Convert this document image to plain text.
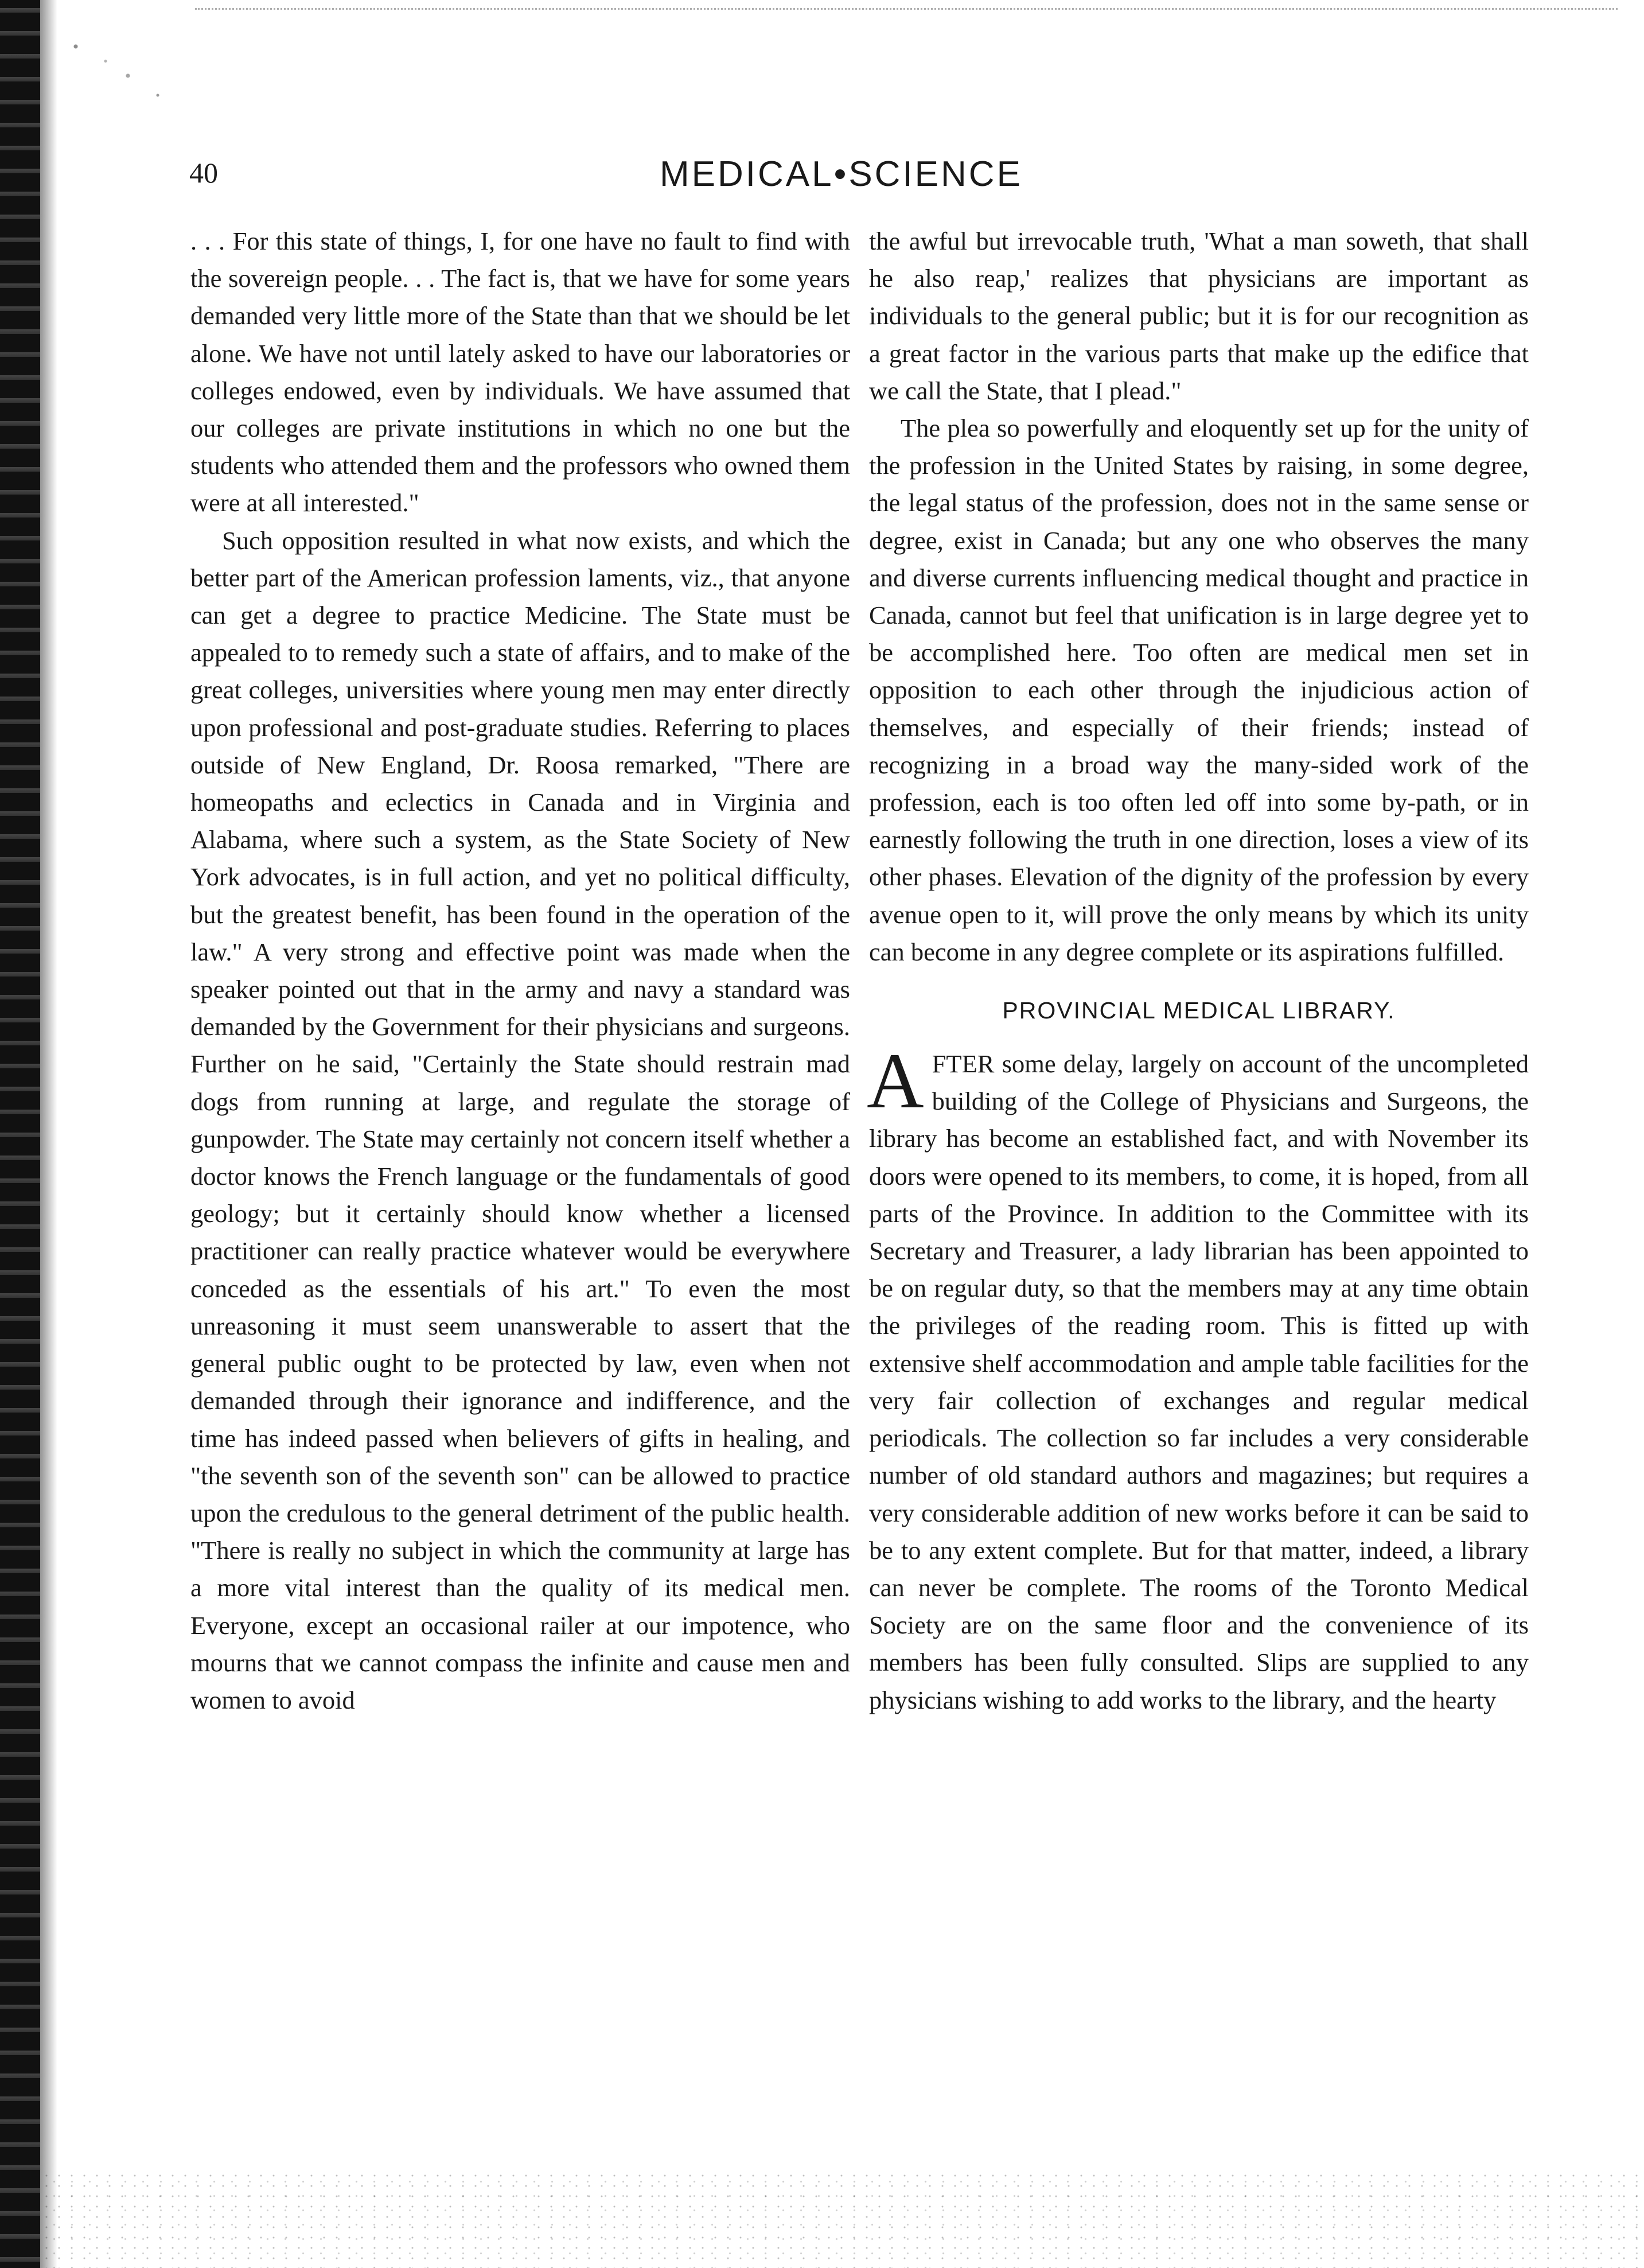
40	MEDICAL•SCIENCE

. . . For this state of things, I, for one have no fault to find with the sovereign people. . . The fact is, that we have for some years demanded very little more of the State than that we should be let alone. We have not until lately asked to have our laboratories or colleges endowed, even by individuals. We have assumed that our colleges are private institutions in which no one but the students who attended them and the professors who owned them were at all interested."

Such opposition resulted in what now exists, and which the better part of the American profession laments, viz., that anyone can get a degree to practice Medicine. The State must be appealed to to remedy such a state of affairs, and to make of the great colleges, universities where young men may enter directly upon professional and post-graduate studies. Referring to places outside of New England, Dr. Roosa remarked, "There are homeopaths and eclectics in Canada and in Virginia and Alabama, where such a system, as the State Society of New York advocates, is in full action, and yet no political difficulty, but the greatest benefit, has been found in the operation of the law." A very strong and effective point was made when the speaker pointed out that in the army and navy a standard was demanded by the Government for their physicians and surgeons. Further on he said, "Certainly the State should restrain mad dogs from running at large, and regulate the storage of gunpowder. The State may certainly not concern itself whether a doctor knows the French language or the fundamentals of good geology; but it certainly should know whether a licensed practitioner can really practice whatever would be everywhere conceded as the essentials of his art." To even the most unreasoning it must seem unanswerable to assert that the general public ought to be protected by law, even when not demanded through their ignorance and indifference, and the time has indeed passed when believers of gifts in healing, and "the seventh son of the seventh son" can be allowed to practice upon the credulous to the general detriment of the public health. "There is really no subject in which the community at large has a more vital interest than the quality of its medical men. Everyone, except an occasional railer at our impotence, who mourns that we cannot compass the infinite and cause men and women to avoid

the awful but irrevocable truth, 'What a man soweth, that shall he also reap,' realizes that physicians are important as individuals to the general public; but it is for our recognition as a great factor in the various parts that make up the edifice that we call the State, that I plead."

The plea so powerfully and eloquently set up for the unity of the profession in the United States by raising, in some degree, the legal status of the profession, does not in the same sense or degree, exist in Canada; but any one who observes the many and diverse currents influencing medical thought and practice in Canada, cannot but feel that unification is in large degree yet to be accomplished here. Too often are medical men set in opposition to each other through the injudicious action of themselves, and especially of their friends; instead of recognizing in a broad way the many-sided work of the profession, each is too often led off into some by-path, or in earnestly following the truth in one direction, loses a view of its other phases. Elevation of the dignity of the profession by every avenue open to it, will prove the only means by which its unity can become in any degree complete or its aspirations fulfilled.

PROVINCIAL MEDICAL LIBRARY.

AFTER some delay, largely on account of the uncompleted building of the College of Physicians and Surgeons, the library has become an established fact, and with November its doors were opened to its members, to come, it is hoped, from all parts of the Province. In addition to the Committee with its Secretary and Treasurer, a lady librarian has been appointed to be on regular duty, so that the members may at any time obtain the privileges of the reading room. This is fitted up with extensive shelf accommodation and ample table facilities for the very fair collection of exchanges and regular medical periodicals. The collection so far includes a very considerable number of old standard authors and magazines; but requires a very considerable addition of new works before it can be said to be to any extent complete. But for that matter, indeed, a library can never be complete. The rooms of the Toronto Medical Society are on the same floor and the convenience of its members has been fully consulted. Slips are supplied to any physicians wishing to add works to the library, and the hearty
